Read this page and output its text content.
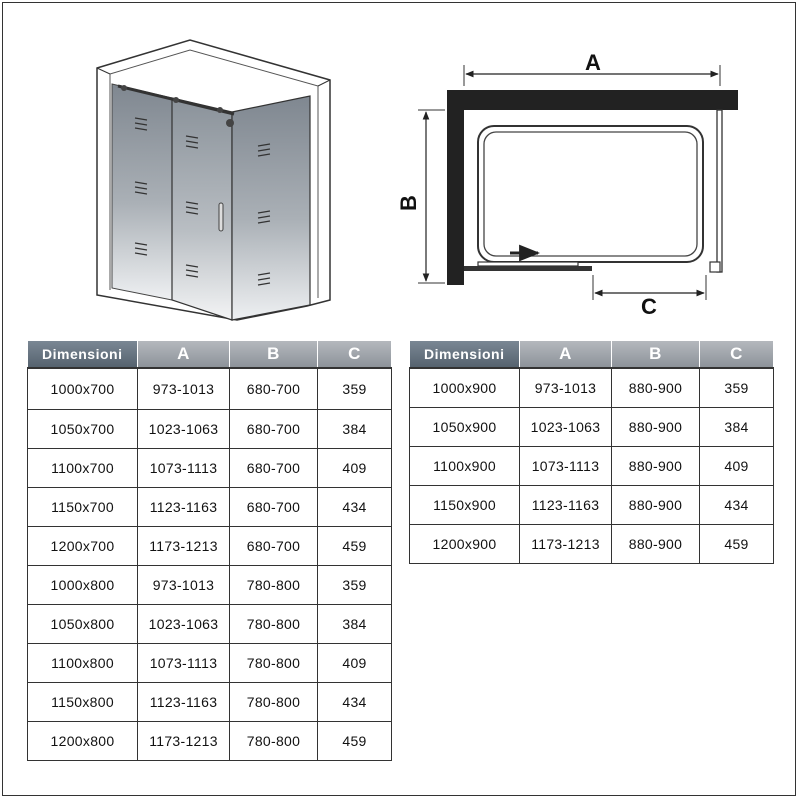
A
B
C
Dimensioni	A	B	C
1000x700	973-1013	680-700	359
1050x700	1023-1063	680-700	384
1100x700	1073-1113	680-700	409
1150x700	1123-1163	680-700	434
1200x700	1173-1213	680-700	459
1000x800	973-1013	780-800	359
1050x800	1023-1063	780-800	384
1100x800	1073-1113	780-800	409
1150x800	1123-1163	780-800	434
1200x800	1173-1213	780-800	459
Dimensioni	A	B	C
1000x900	973-1013	880-900	359
1050x900	1023-1063	880-900	384
1100x900	1073-1113	880-900	409
1150x900	1123-1163	880-900	434
1200x900	1173-1213	880-900	459
